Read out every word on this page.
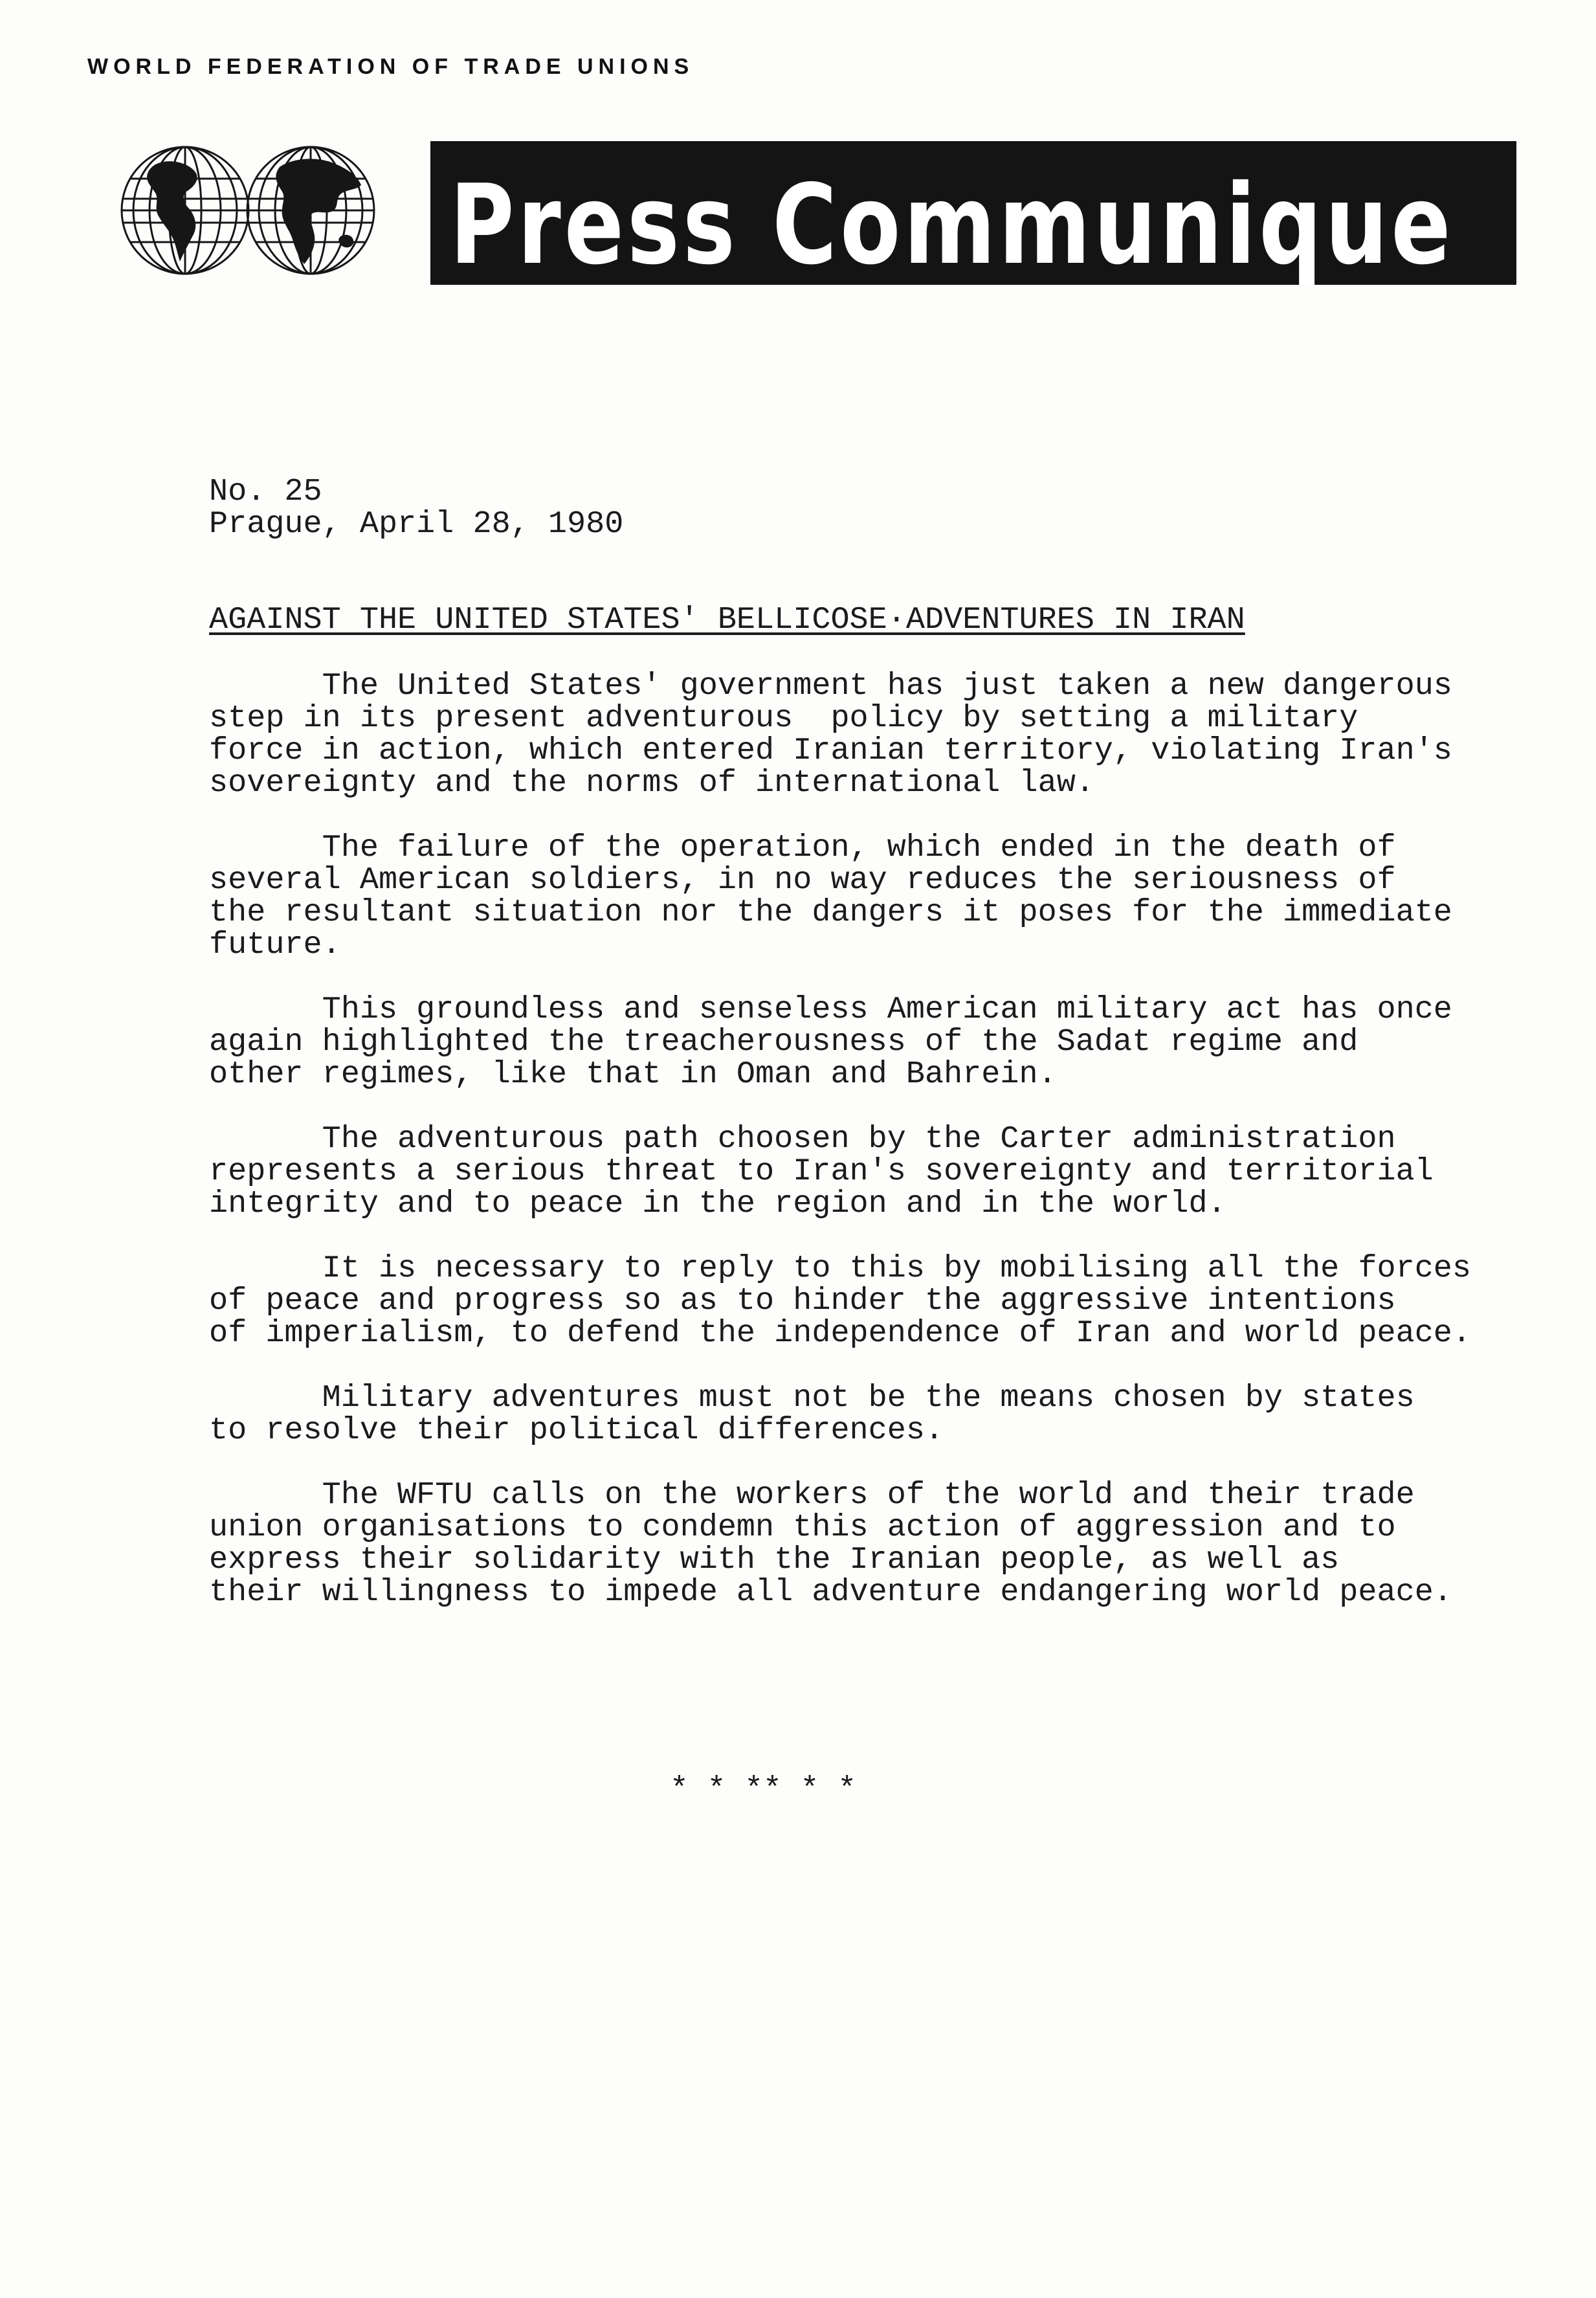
WORLD FEDERATION OF TRADE UNIONS
Press Communique
No. 25
Prague, April 28, 1980
AGAINST THE UNITED STATES' BELLICOSE·ADVENTURES IN IRAN
The United States' government has just taken a new dangerous
step in its present adventurous  policy by setting a military
force in action, which entered Iranian territory, violating Iran's
sovereignty and the norms of international law.
The failure of the operation, which ended in the death of
several American soldiers, in no way reduces the seriousness of
the resultant situation nor the dangers it poses for the immediate
future.
This groundless and senseless American military act has once
again highlighted the treacherousness of the Sadat regime and
other regimes, like that in Oman and Bahrein.
The adventurous path choosen by the Carter administration
represents a serious threat to Iran's sovereignty and territorial
integrity and to peace in the region and in the world.
It is necessary to reply to this by mobilising all the forces
of peace and progress so as to hinder the aggressive intentions
of imperialism, to defend the independence of Iran and world peace.
Military adventures must not be the means chosen by states
to resolve their political differences.
The WFTU calls on the workers of the world and their trade
union organisations to condemn this action of aggression and to
express their solidarity with the Iranian people, as well as
their willingness to impede all adventure endangering world peace.
* * ** * *
